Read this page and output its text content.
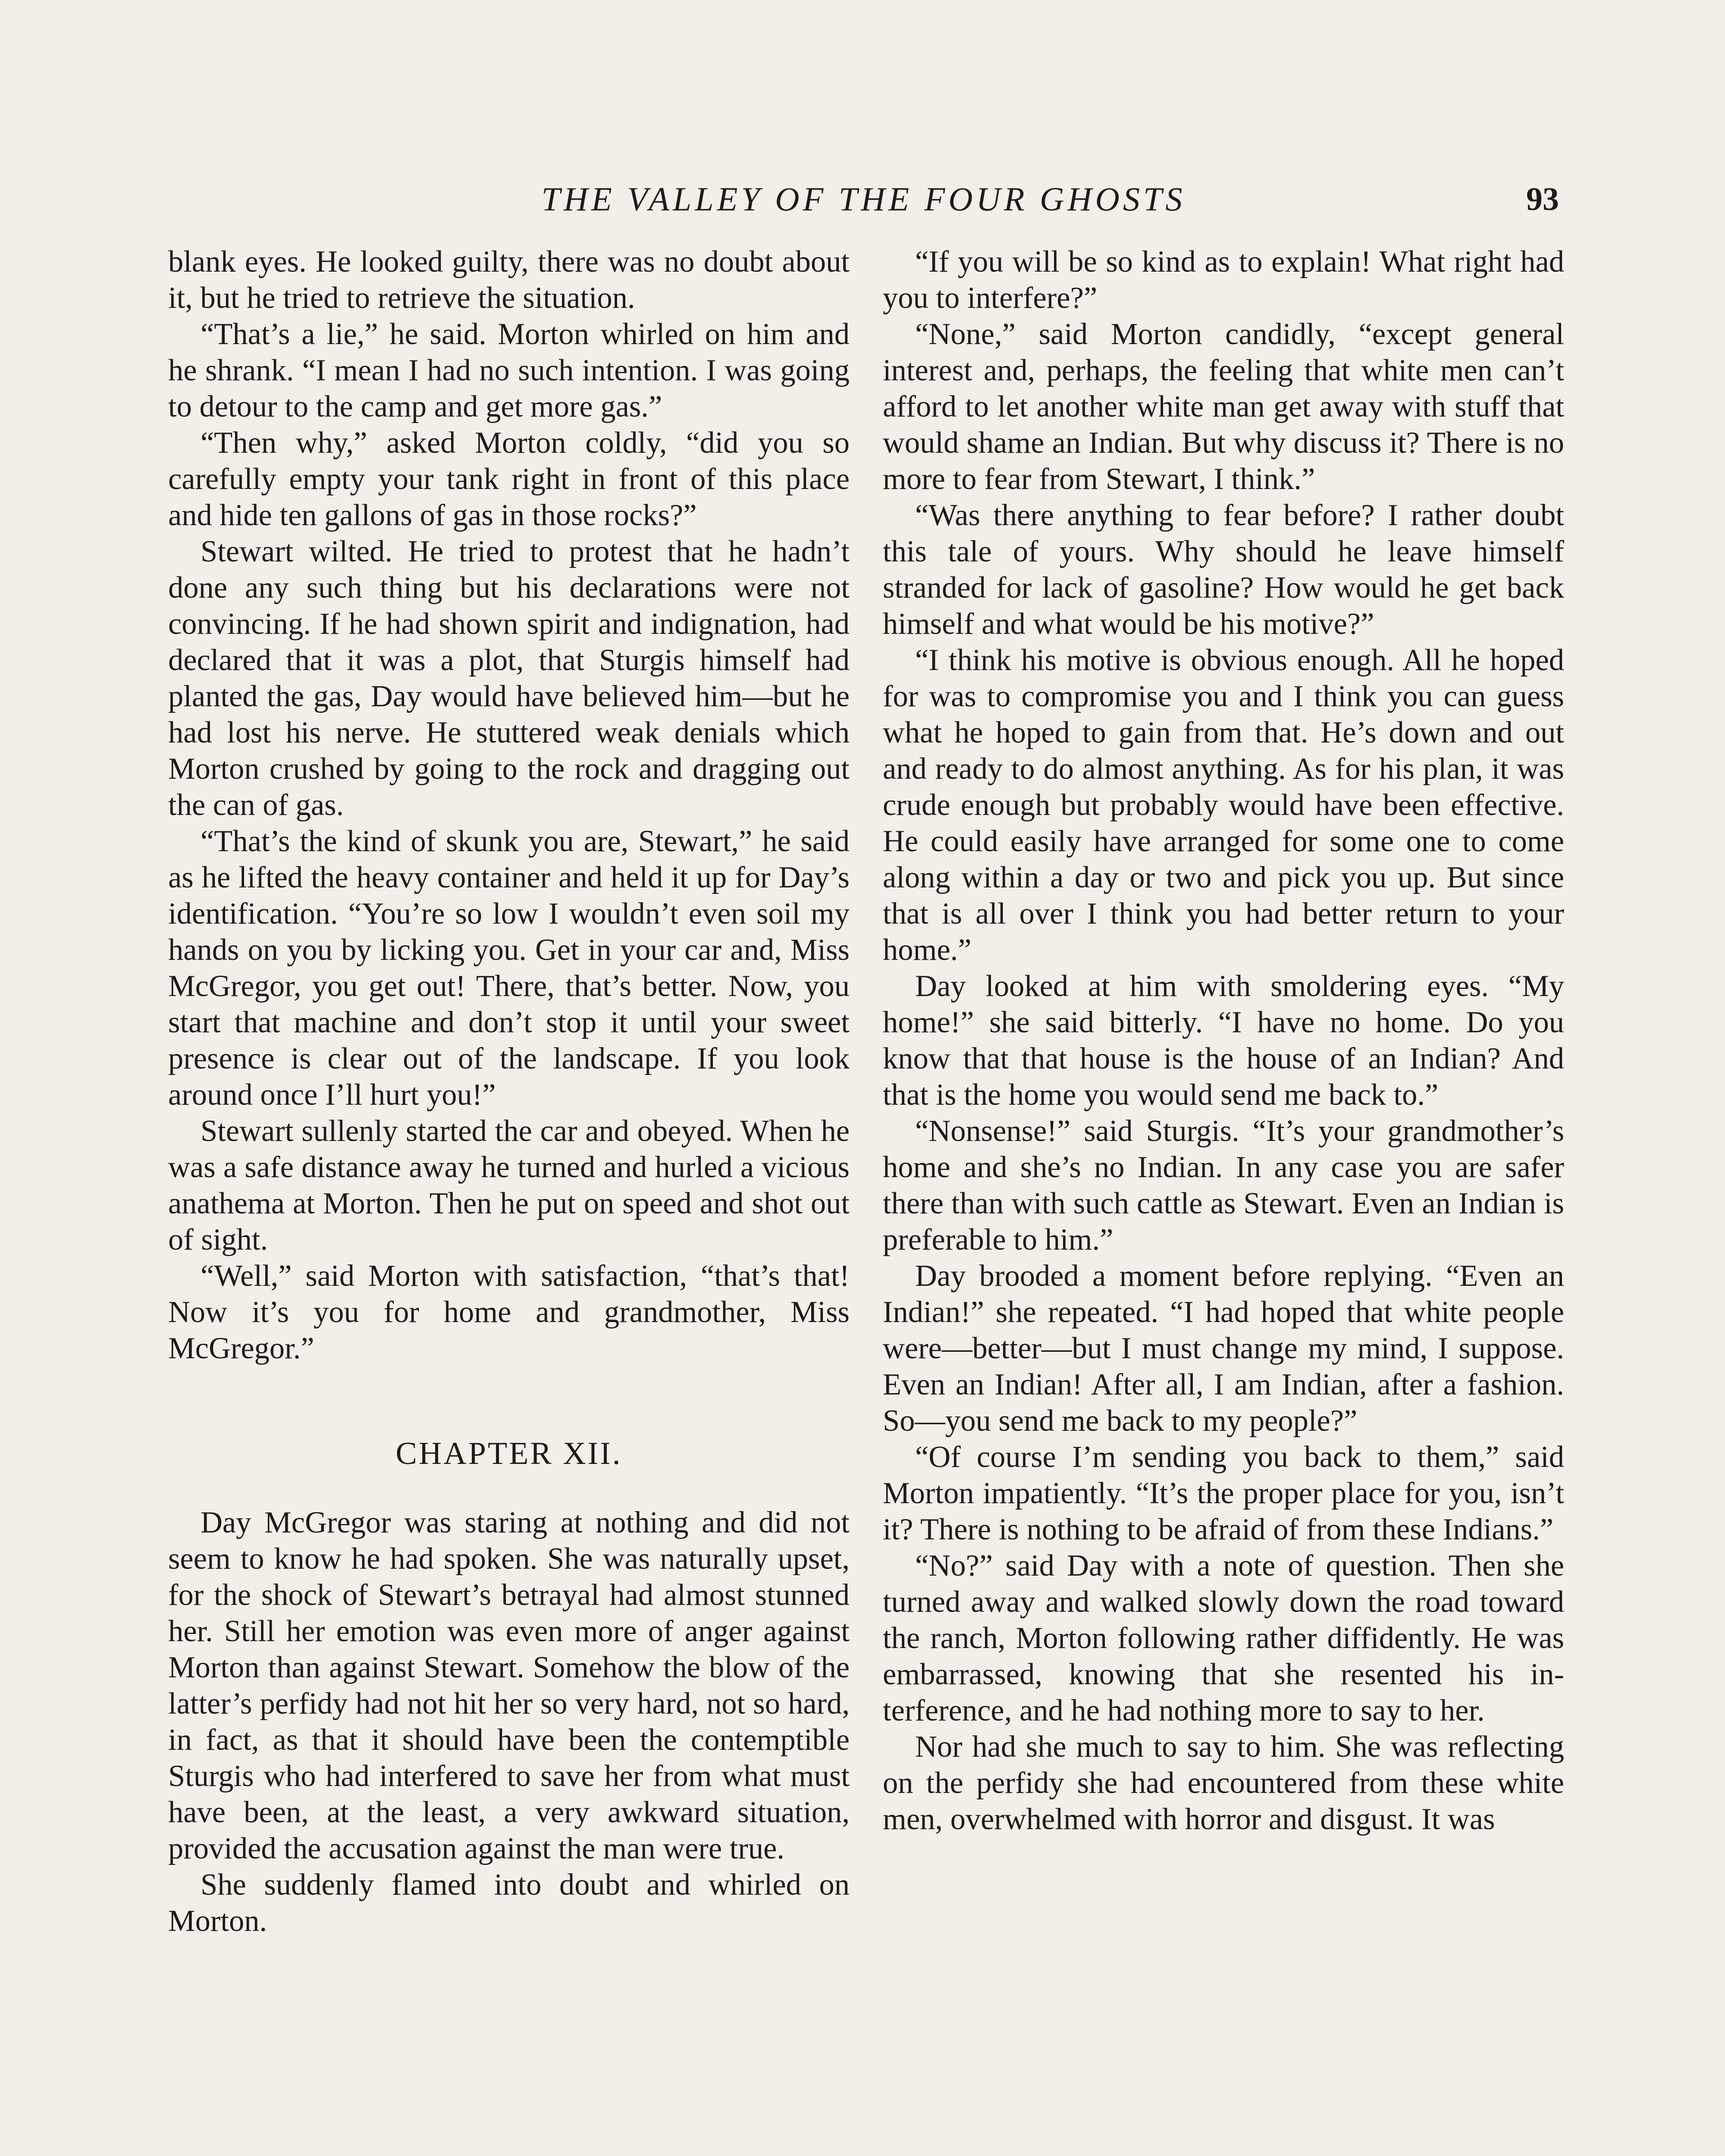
THE VALLEY OF THE FOUR GHOSTS	93

blank eyes. He looked guilty, there was no doubt about it, but he tried to retrieve the situation.

“That’s a lie,” he said. Morton whirled on him and he shrank. “I mean I had no such intention. I was going to detour to the camp and get more gas.”

“Then why,” asked Morton coldly, “did you so carefully empty your tank right in front of this place and hide ten gallons of gas in those rocks?”

Stewart wilted. He tried to protest that he hadn’t done any such thing but his declarations were not convincing. If he had shown spirit and indignation, had declared that it was a plot, that Sturgis himself had planted the gas, Day would have believed him—but he had lost his nerve. He stuttered weak denials which Morton crushed by going to the rock and dragging out the can of gas.

“That’s the kind of skunk you are, Stewart,” he said as he lifted the heavy container and held it up for Day’s identification. “You’re so low I wouldn’t even soil my hands on you by licking you. Get in your car and, Miss McGregor, you get out! There, that’s better. Now, you start that machine and don’t stop it until your sweet presence is clear out of the landscape. If you look around once I’ll hurt you!”

Stewart sullenly started the car and obeyed. When he was a safe distance away he turned and hurled a vicious anathema at Morton. Then he put on speed and shot out of sight.

“Well,” said Morton with satisfaction, “that’s that! Now it’s you for home and grandmother, Miss McGregor.”

CHAPTER XII.

Day McGregor was staring at nothing and did not seem to know he had spoken. She was naturally upset, for the shock of Stewart’s betrayal had almost stunned her. Still her emotion was even more of anger against Morton than against Stewart. Somehow the blow of the latter’s perfidy had not hit her so very hard, not so hard, in fact, as that it should have been the contemptible Sturgis who had interfered to save her from what must have been, at the least, a very awkward situation, provided the accusation against the man were true.

She suddenly flamed into doubt and whirled on Morton.

“If you will be so kind as to explain! What right had you to interfere?”

“None,” said Morton candidly, “except general interest and, perhaps, the feeling that white men can’t afford to let another white man get away with stuff that would shame an Indian. But why discuss it? There is no more to fear from Stewart, I think.”

“Was there anything to fear before? I rather doubt this tale of yours. Why should he leave himself stranded for lack of gasoline? How would he get back himself and what would be his motive?”

“I think his motive is obvious enough. All he hoped for was to compromise you and I think you can guess what he hoped to gain from that. He’s down and out and ready to do almost anything. As for his plan, it was crude enough but probably would have been effective. He could easily have arranged for some one to come along within a day or two and pick you up. But since that is all over I think you had better return to your home.”

Day looked at him with smoldering eyes. “My home!” she said bitterly. “I have no home. Do you know that that house is the house of an Indian? And that is the home you would send me back to.”

“Nonsense!” said Sturgis. “It’s your grandmother’s home and she’s no Indian. In any case you are safer there than with such cattle as Stewart. Even an Indian is preferable to him.”

Day brooded a moment before replying. “Even an Indian!” she repeated. “I had hoped that white people were—better—but I must change my mind, I suppose. Even an Indian! After all, I am Indian, after a fashion. So—you send me back to my people?”

“Of course I’m sending you back to them,” said Morton impatiently. “It’s the proper place for you, isn’t it? There is nothing to be afraid of from these Indians.”

“No?” said Day with a note of question. Then she turned away and walked slowly down the road toward the ranch, Morton following rather diffidently. He was embarrassed, knowing that she resented his interference, and he had nothing more to say to her.

Nor had she much to say to him. She was reflecting on the perfidy she had encountered from these white men, overwhelmed with horror and disgust. It was
